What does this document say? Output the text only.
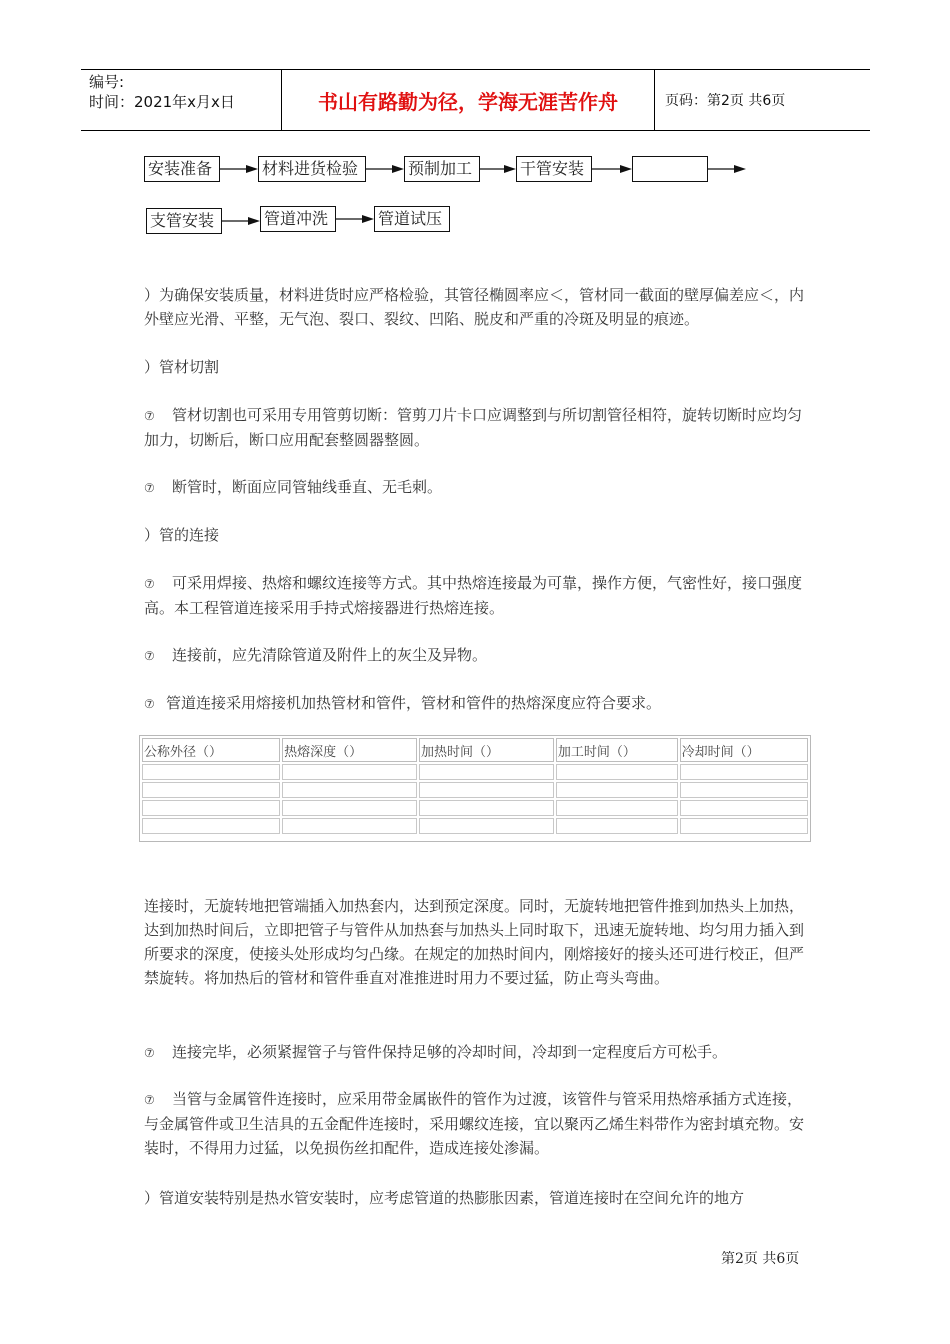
编号:
时间：2021年x月x日	书山有路勤为径，学海无涯苦作舟	页码：第2页 共6页
安装准备	材料进货检验	预制加工	干管安装
支管安装	管道冲洗	管道试压
）为确保安装质量，材料进货时应严格检验，其管径椭圆率应＜，管材同一截面的壁厚偏差应＜，内外壁应光滑、平整，无气泡、裂口、裂纹、凹陷、脱皮和严重的冷斑及明显的痕迹。
）管材切割
⑦ 管材切割也可采用专用管剪切断：管剪刀片卡口应调整到与所切割管径相符，旋转切断时应均匀加力，切断后，断口应用配套整圆器整圆。
⑦ 断管时，断面应同管轴线垂直、无毛刺。
）管的连接
⑦ 可采用焊接、热熔和螺纹连接等方式。其中热熔连接最为可靠，操作方便，气密性好，接口强度高。本工程管道连接采用手持式熔接器进行热熔连接。
⑦ 连接前，应先清除管道及附件上的灰尘及异物。
⑦ 管道连接采用熔接机加热管材和管件，管材和管件的热熔深度应符合要求。
公称外径（）	热熔深度（）	加热时间（）	加工时间（）	冷却时间（）

连接时，无旋转地把管端插入加热套内，达到预定深度。同时，无旋转地把管件推到加热头上加热，达到加热时间后，立即把管子与管件从加热套与加热头上同时取下，迅速无旋转地、均匀用力插入到所要求的深度，使接头处形成均匀凸缘。在规定的加热时间内，刚熔接好的接头还可进行校正，但严禁旋转。将加热后的管材和管件垂直对准推进时用力不要过猛，防止弯头弯曲。
⑦ 连接完毕，必须紧握管子与管件保持足够的冷却时间，冷却到一定程度后方可松手。
⑦ 当管与金属管件连接时，应采用带金属嵌件的管作为过渡，该管件与管采用热熔承插方式连接，与金属管件或卫生洁具的五金配件连接时，采用螺纹连接，宜以聚丙乙烯生料带作为密封填充物。安装时，不得用力过猛，以免损伤丝扣配件，造成连接处渗漏。
）管道安装特别是热水管安装时，应考虑管道的热膨胀因素，管道连接时在空间允许的地方
第2页 共6页
